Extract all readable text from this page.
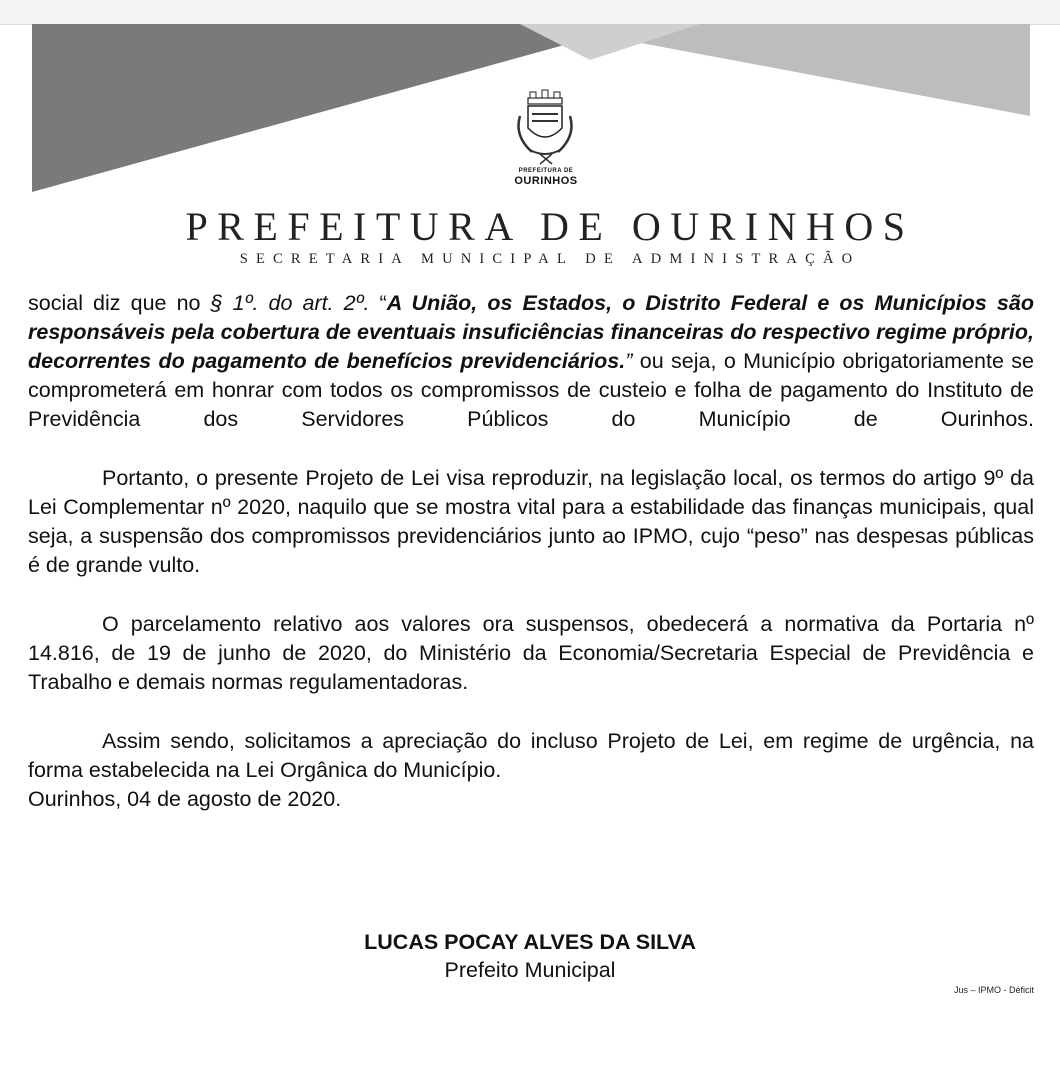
PREFEITURA DE
OURINHOS
PREFEITURA DE OURINHOS
SECRETARIA MUNICIPAL DE ADMINISTRAÇÃO

social diz que no § 1º. do art. 2º. “A União, os Estados, o Distrito Federal e os Municípios são responsáveis pela cobertura de eventuais insuficiências financeiras do respectivo regime próprio, decorrentes do pagamento de benefícios previdenciários.” ou seja, o Município obrigatoriamente se comprometerá em honrar com todos os compromissos de custeio e folha de pagamento do Instituto de Previdência dos Servidores Públicos do Município de Ourinhos.

Portanto, o presente Projeto de Lei visa reproduzir, na legislação local, os termos do artigo 9º da Lei Complementar nº 2020, naquilo que se mostra vital para a estabilidade das finanças municipais, qual seja, a suspensão dos compromissos previdenciários junto ao IPMO, cujo “peso” nas despesas públicas é de grande vulto.

O parcelamento relativo aos valores ora suspensos, obedecerá a normativa da Portaria nº 14.816, de 19 de junho de 2020, do Ministério da Economia/Secretaria Especial de Previdência e Trabalho e demais normas regulamentadoras.

Assim sendo, solicitamos a apreciação do incluso Projeto de Lei, em regime de urgência, na forma estabelecida na Lei Orgânica do Município.

Ourinhos, 04 de agosto de 2020.

LUCAS POCAY ALVES DA SILVA
Prefeito Municipal
Jus – IPMO - Déficit
